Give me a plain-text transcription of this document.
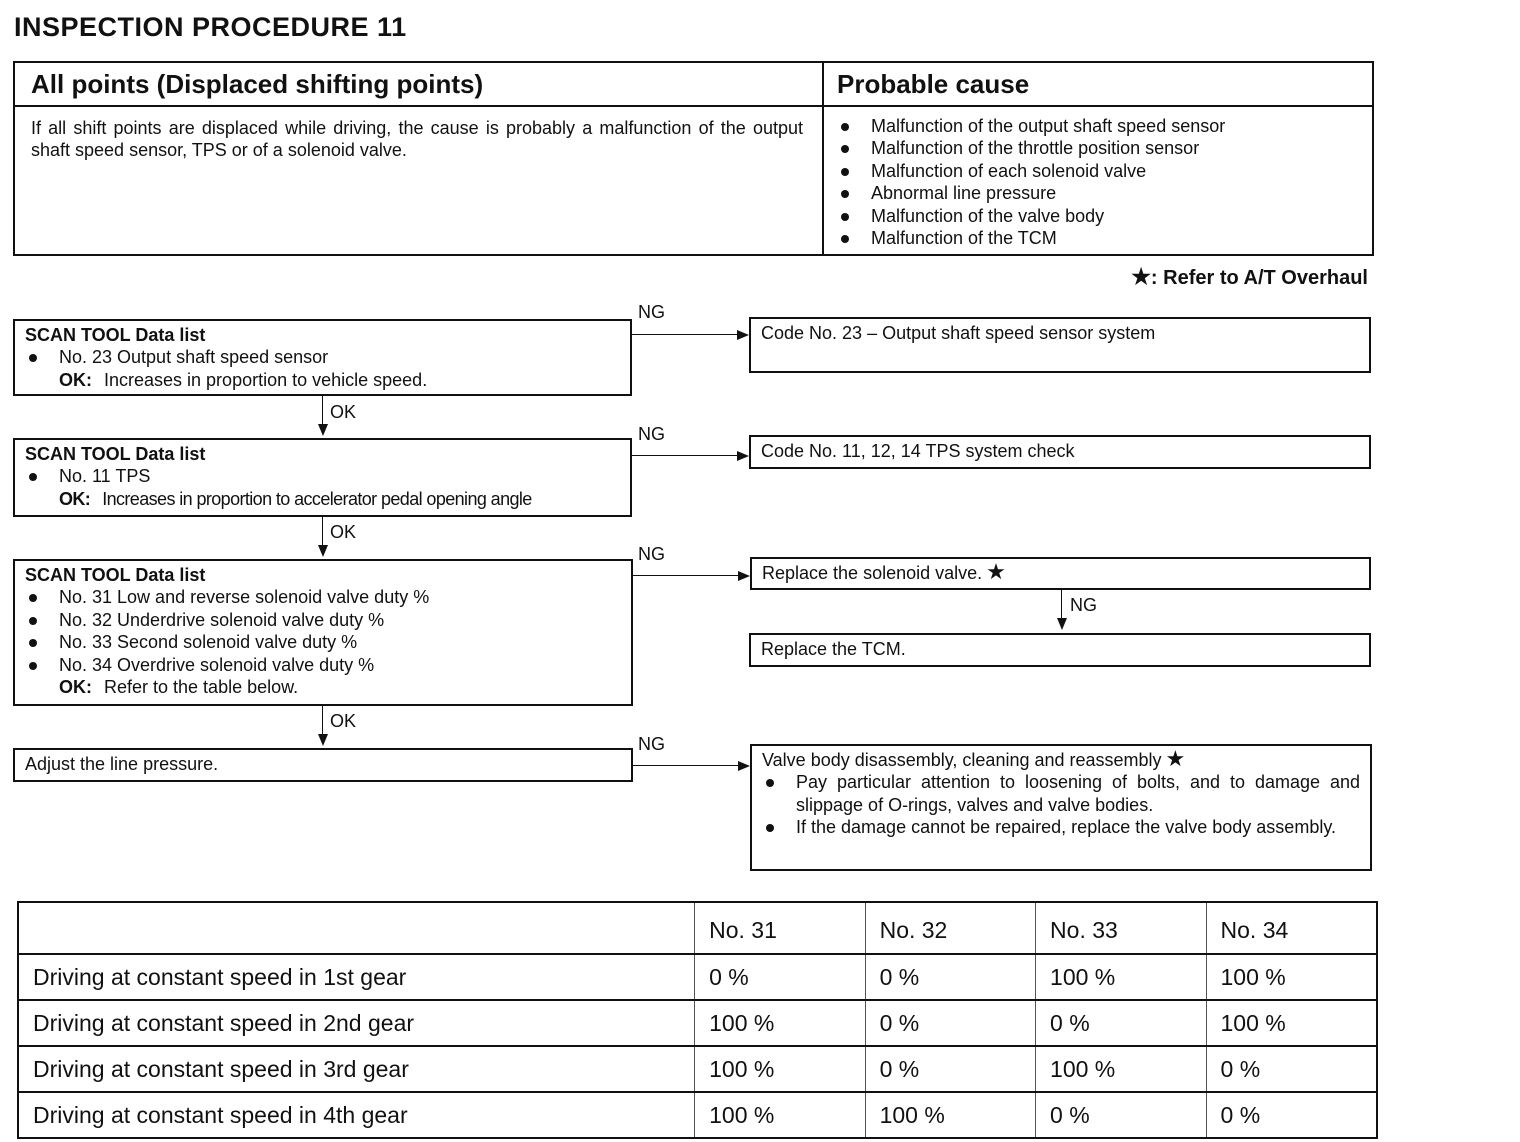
INSPECTION PROCEDURE 11
All points (Displaced shifting points)	Probable cause
If all shift points are displaced while driving, the cause is probably a malfunction of the output shaft speed sensor, TPS or of a solenoid valve.
Malfunction of the output shaft speed sensor
Malfunction of the throttle position sensor
Malfunction of each solenoid valve
Abnormal line pressure
Malfunction of the valve body
Malfunction of the TCM
★: Refer to A/T Overhaul
SCAN TOOL Data list
No. 23 Output shaft speed sensor
OK: Increases in proportion to vehicle speed.
NG
Code No. 23 – Output shaft speed sensor system
OK
SCAN TOOL Data list
No. 11 TPS
OK: Increases in proportion to accelerator pedal opening angle
NG
Code No. 11, 12, 14 TPS system check
OK
SCAN TOOL Data list
No. 31 Low and reverse solenoid valve duty %
No. 32 Underdrive solenoid valve duty %
No. 33 Second solenoid valve duty %
No. 34 Overdrive solenoid valve duty %
OK: Refer to the table below.
NG
Replace the solenoid valve. ★
NG
Replace the TCM.
OK
Adjust the line pressure.
NG
Valve body disassembly, cleaning and reassembly ★
Pay particular attention to loosening of bolts, and to damage and slippage of O-rings, valves and valve bodies.
If the damage cannot be repaired, replace the valve body assembly.
	No. 31	No. 32	No. 33	No. 34
Driving at constant speed in 1st gear	0 %	0 %	100 %	100 %
Driving at constant speed in 2nd gear	100 %	0 %	0 %	100 %
Driving at constant speed in 3rd gear	100 %	0 %	100 %	0 %
Driving at constant speed in 4th gear	100 %	100 %	0 %	0 %
